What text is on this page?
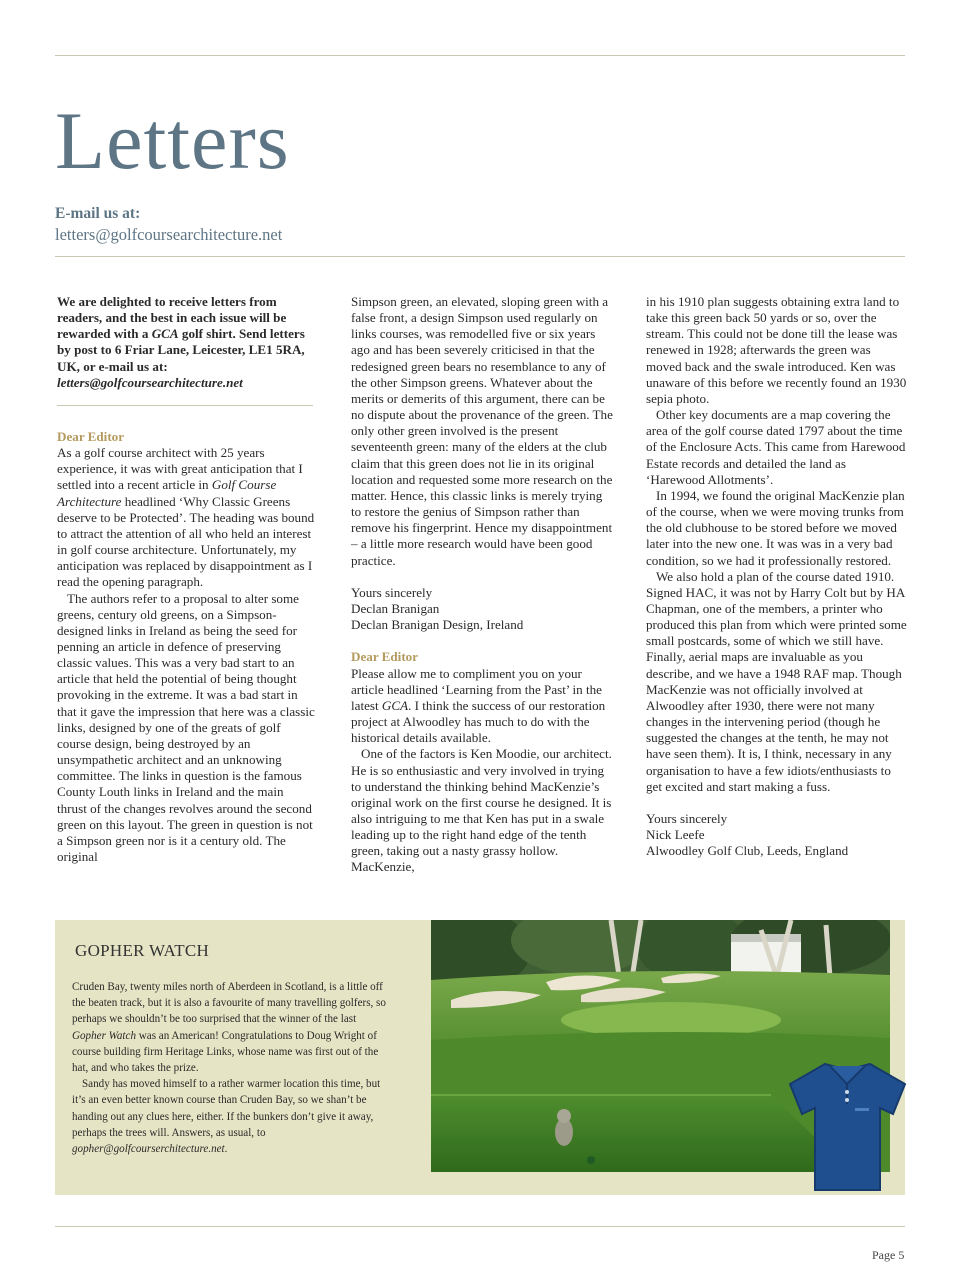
Letters
E-mail us at:
letters@golfcoursearchitecture.net

We are delighted to receive letters from readers, and the best in each issue will be rewarded with a GCA golf shirt. Send letters by post to 6 Friar Lane, Leicester, LE1 5RA, UK, or e-mail us at: letters@golfcoursearchitecture.net

Dear Editor

As a golf course architect with 25 years experience, it was with great anticipation that I settled into a recent article in Golf Course Architecture headlined ‘Why Classic Greens deserve to be Protected’. The heading was bound to attract the attention of all who held an interest in golf course architecture. Unfortunately, my anticipation was replaced by disappointment as I read the opening paragraph.

The authors refer to a proposal to alter some greens, century old greens, on a Simpson-designed links in Ireland as being the seed for penning an article in defence of preserving classic values. This was a very bad start to an article that held the potential of being thought provoking in the extreme. It was a bad start in that it gave the impression that here was a classic links, designed by one of the greats of golf course design, being destroyed by an unsympathetic architect and an unknowing committee. The links in question is the famous County Louth links in Ireland and the main thrust of the changes revolves around the second green on this layout. The green in question is not a Simpson green nor is it a century old. The original

Simpson green, an elevated, sloping green with a false front, a design Simpson used regularly on links courses, was remodelled five or six years ago and has been severely criticised in that the redesigned green bears no resemblance to any of the other Simpson greens. Whatever about the merits or demerits of this argument, there can be no dispute about the provenance of the green. The only other green involved is the present seventeenth green: many of the elders at the club claim that this green does not lie in its original location and requested some more research on the matter. Hence, this classic links is merely trying to restore the genius of Simpson rather than remove his fingerprint. Hence my disappointment – a little more research would have been good practice.

Yours sincerely

Declan Branigan

Declan Branigan Design, Ireland

Dear Editor

Please allow me to compliment you on your article headlined ‘Learning from the Past’ in the latest GCA. I think the success of our restoration project at Alwoodley has much to do with the historical details available.

One of the factors is Ken Moodie, our architect. He is so enthusiastic and very involved in trying to understand the thinking behind MacKenzie’s original work on the first course he designed. It is also intriguing to me that Ken has put in a swale leading up to the right hand edge of the tenth green, taking out a nasty grassy hollow. MacKenzie,

in his 1910 plan suggests obtaining extra land to take this green back 50 yards or so, over the stream. This could not be done till the lease was renewed in 1928; afterwards the green was moved back and the swale introduced. Ken was unaware of this before we recently found an 1930 sepia photo.

Other key documents are a map covering the area of the golf course dated 1797 about the time of the Enclosure Acts. This came from Harewood Estate records and detailed the land as ‘Harewood Allotments’.

In 1994, we found the original MacKenzie plan of the course, when we were moving trunks from the old clubhouse to be stored before we moved later into the new one. It was was in a very bad condition, so we had it professionally restored.

We also hold a plan of the course dated 1910. Signed HAC, it was not by Harry Colt but by HA Chapman, one of the members, a printer who produced this plan from which were printed some small postcards, some of which we still have. Finally, aerial maps are invaluable as you describe, and we have a 1948 RAF map. Though MacKenzie was not officially involved at Alwoodley after 1930, there were not many changes in the intervening period (though he suggested the changes at the tenth, he may not have seen them). It is, I think, necessary in any organisation to have a few idiots/enthusiasts to get excited and start making a fuss.

Yours sincerely

Nick Leefe

Alwoodley Golf Club, Leeds, England

GOPHER WATCH

Cruden Bay, twenty miles north of Aberdeen in Scotland, is a little off the beaten track, but it is also a favourite of many travelling golfers, so perhaps we shouldn’t be too surprised that the winner of the last Gopher Watch was an American! Congratulations to Doug Wright of course building firm Heritage Links, whose name was first out of the hat, and who takes the prize.

Sandy has moved himself to a rather warmer location this time, but it’s an even better known course than Cruden Bay, so we shan’t be handing out any clues here, either. If the bunkers don’t give it away, perhaps the trees will. Answers, as usual, to gopher@golfcourserchitecture.net.

Page 5
